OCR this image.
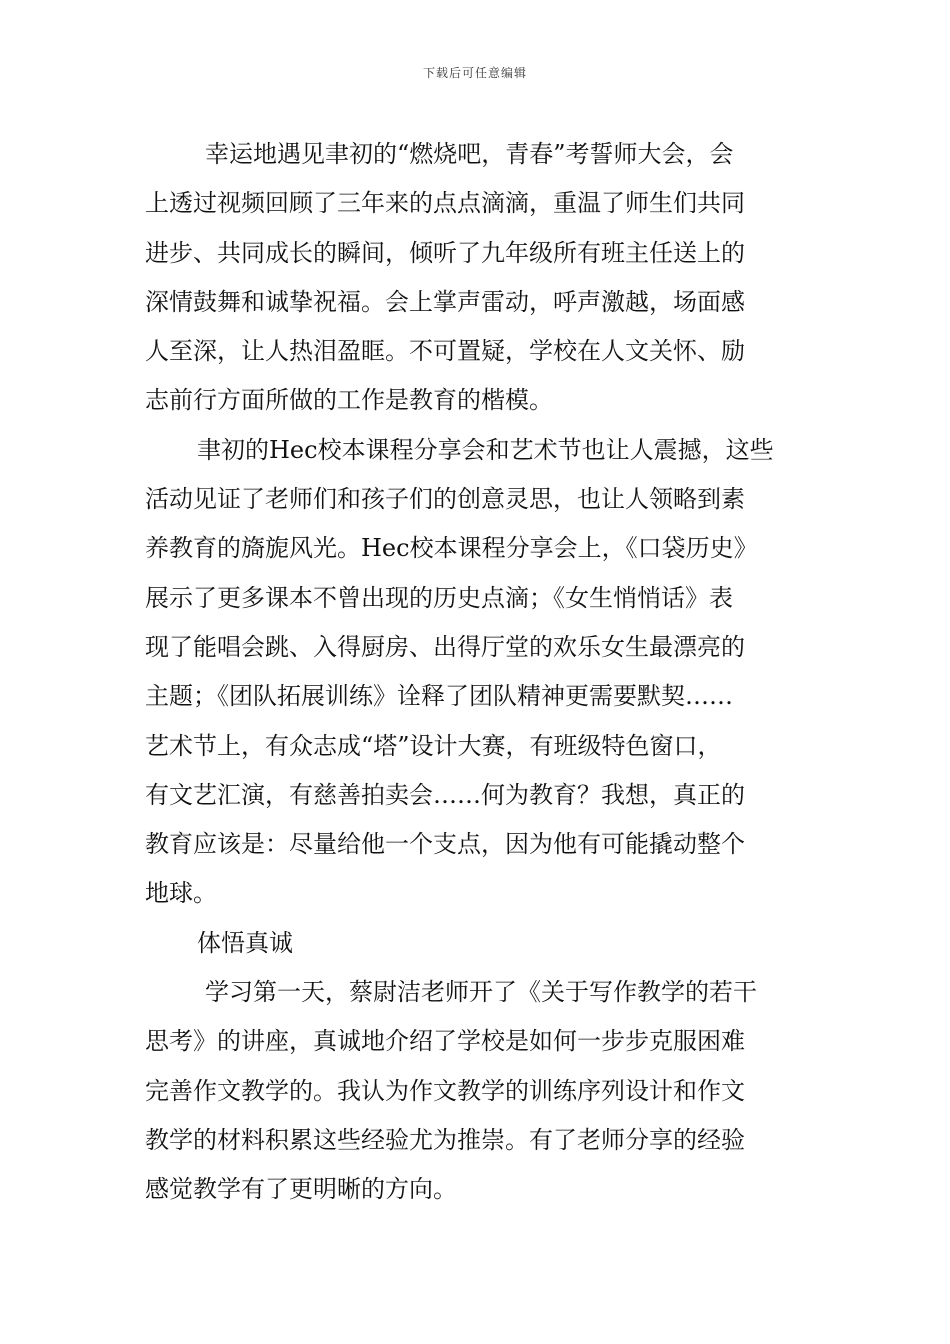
下载后可任意编辑
幸运地遇见聿初的“燃烧吧，青春”考誓师大会，会
上透过视频回顾了三年来的点点滴滴，重温了师生们共同
进步、共同成长的瞬间，倾听了九年级所有班主任送上的
深情鼓舞和诚挚祝福。会上掌声雷动，呼声激越，场面感
人至深，让人热泪盈眶。不可置疑，学校在人文关怀、励
志前行方面所做的工作是教育的楷模。
聿初的Hec校本课程分享会和艺术节也让人震撼，这些
活动见证了老师们和孩子们的创意灵思，也让人领略到素
养教育的旖旎风光。Hec校本课程分享会上，《口袋历史》
展示了更多课本不曾出现的历史点滴；《女生悄悄话》表
现了能唱会跳、入得厨房、出得厅堂的欢乐女生最漂亮的
主题；《团队拓展训练》诠释了团队精神更需要默契……
艺术节上，有众志成“塔”设计大赛，有班级特色窗口，
有文艺汇演，有慈善拍卖会……何为教育？我想，真正的
教育应该是：尽量给他一个支点，因为他有可能撬动整个
地球。
体悟真诚
学习第一天，蔡尉洁老师开了《关于写作教学的若干
思考》的讲座，真诚地介绍了学校是如何一步步克服困难
完善作文教学的。我认为作文教学的训练序列设计和作文
教学的材料积累这些经验尤为推崇。有了老师分享的经验
感觉教学有了更明晰的方向。
